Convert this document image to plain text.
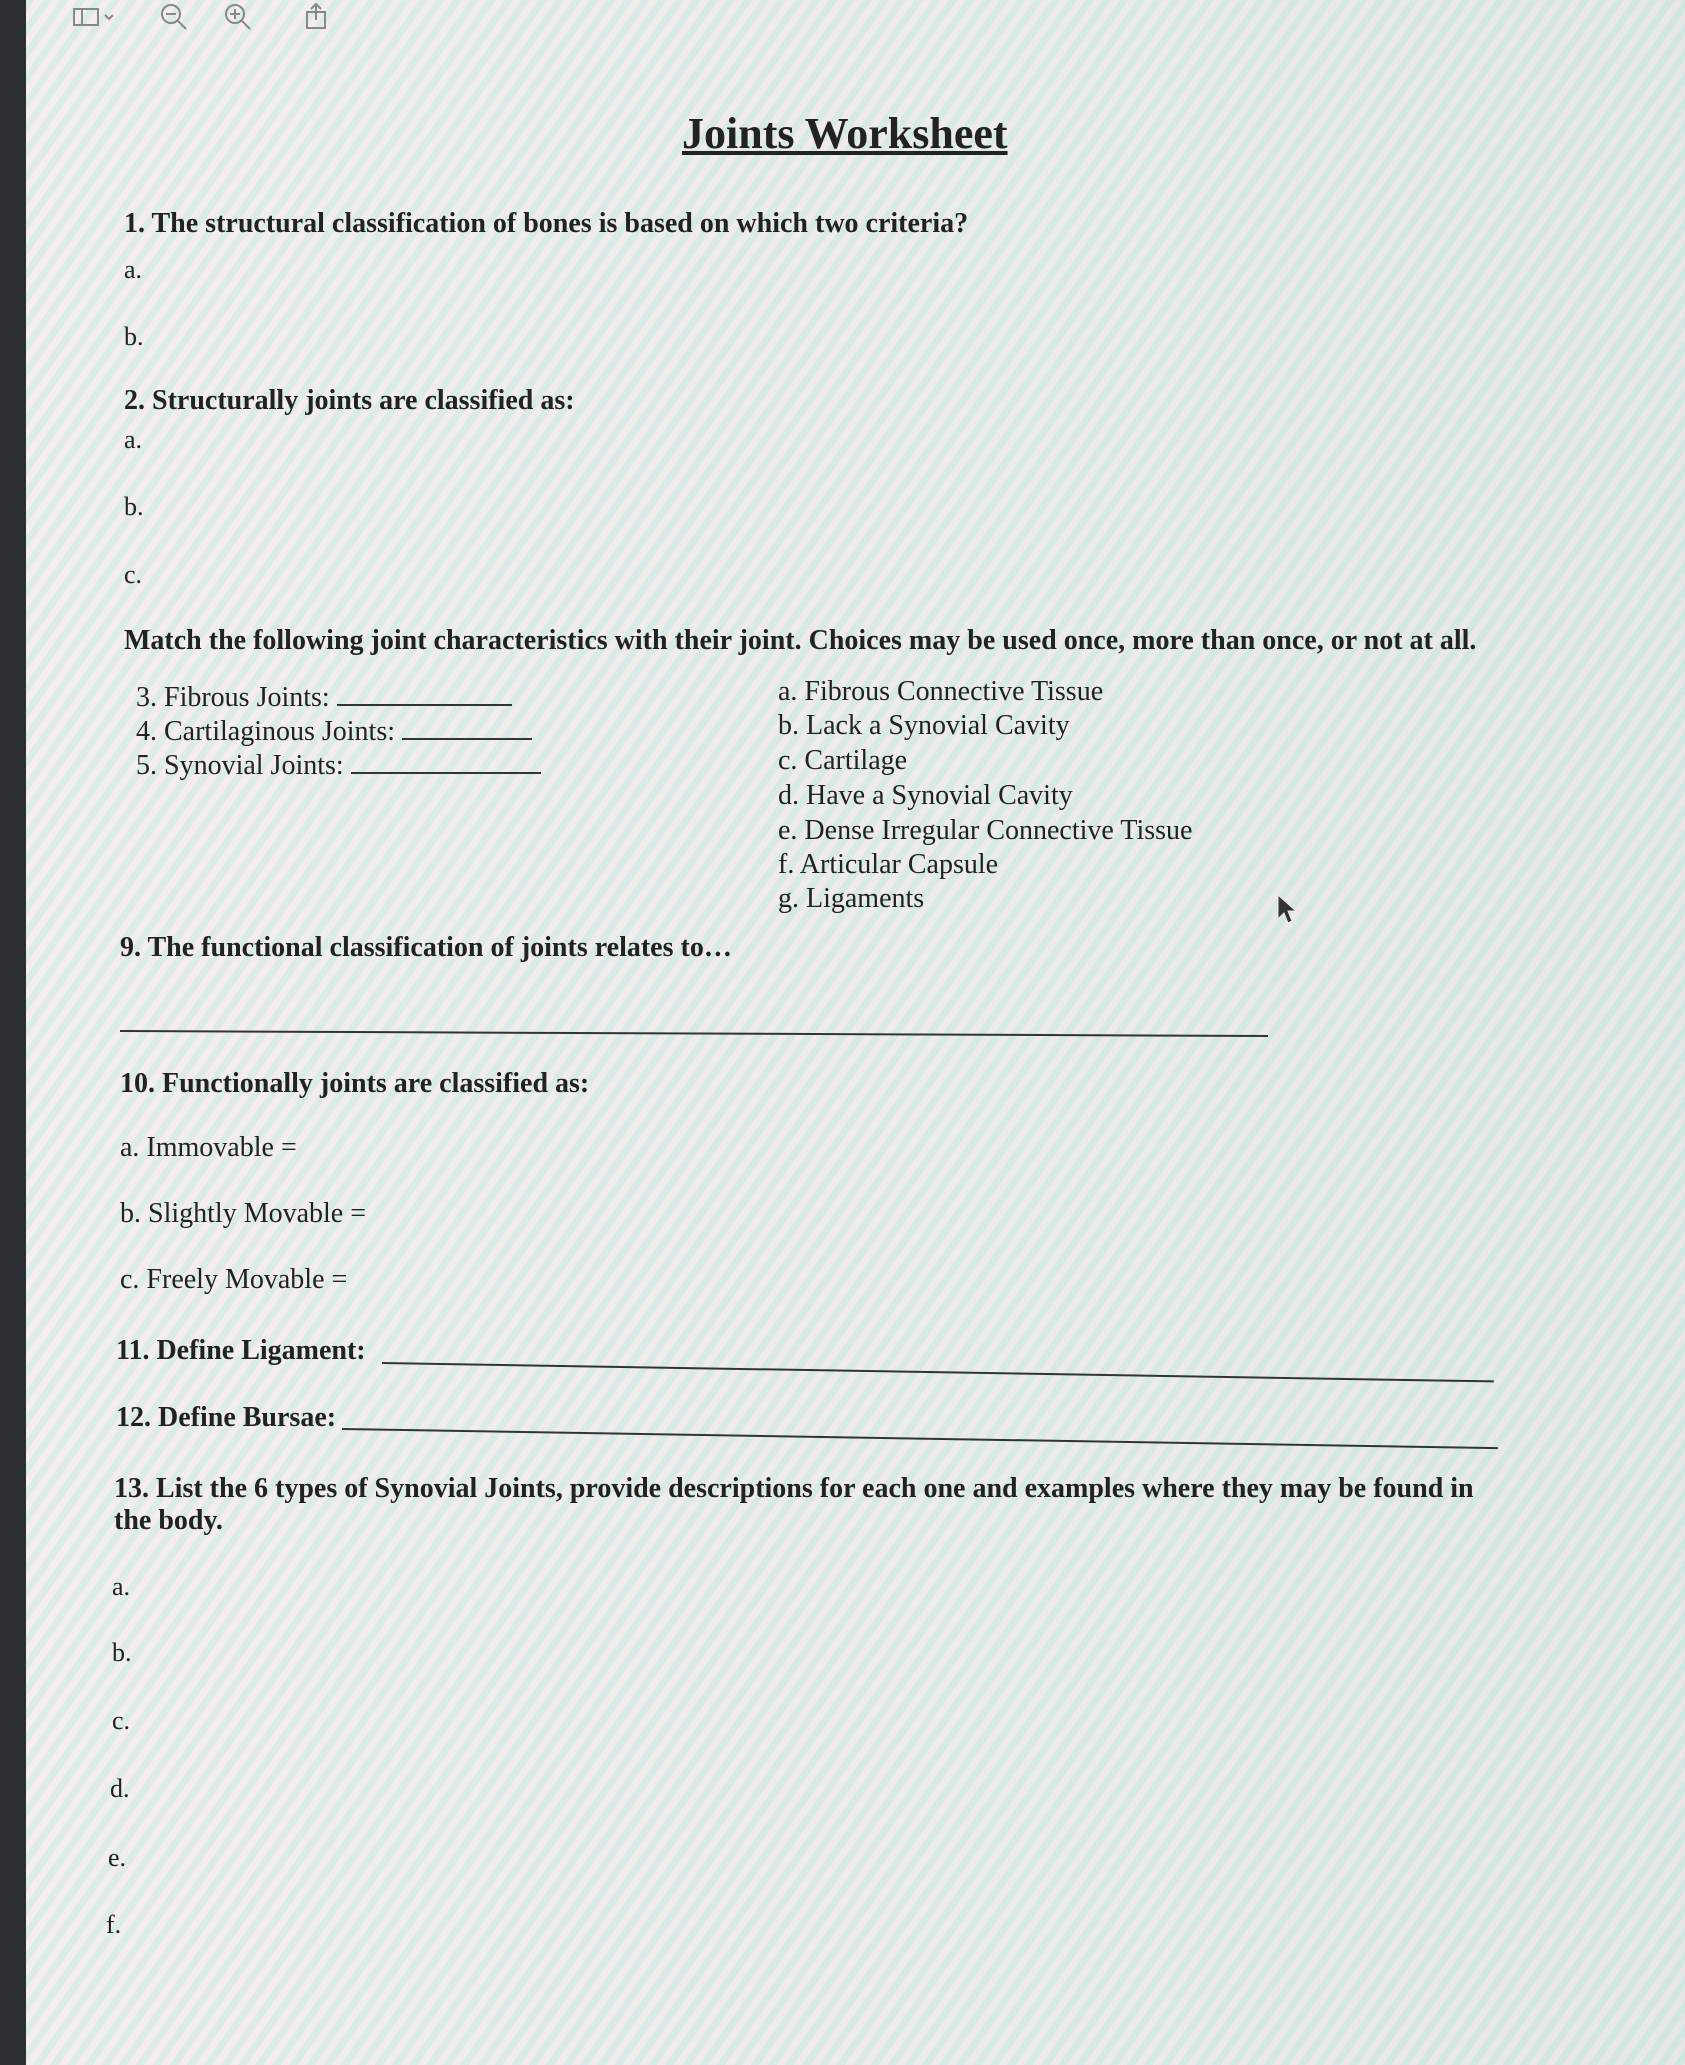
Joints Worksheet
1. The structural classification of bones is based on which two criteria?
a.
b.
2. Structurally joints are classified as:
a.
b.
c.
Match the following joint characteristics with their joint. Choices may be used once, more than once, or not at all.
3. Fibrous Joints:
4. Cartilaginous Joints:
5. Synovial Joints:
a. Fibrous Connective Tissue
b. Lack a Synovial Cavity
c. Cartilage
d. Have a Synovial Cavity
e. Dense Irregular Connective Tissue
f. Articular Capsule
g. Ligaments
9. The functional classification of joints relates to…
10. Functionally joints are classified as:
a. Immovable =
b. Slightly Movable =
c. Freely Movable =
11. Define Ligament:
12. Define Bursae:
13. List the 6 types of Synovial Joints, provide descriptions for each one and examples where they may be found in
the body.
a.
b.
c.
d.
e.
f.
